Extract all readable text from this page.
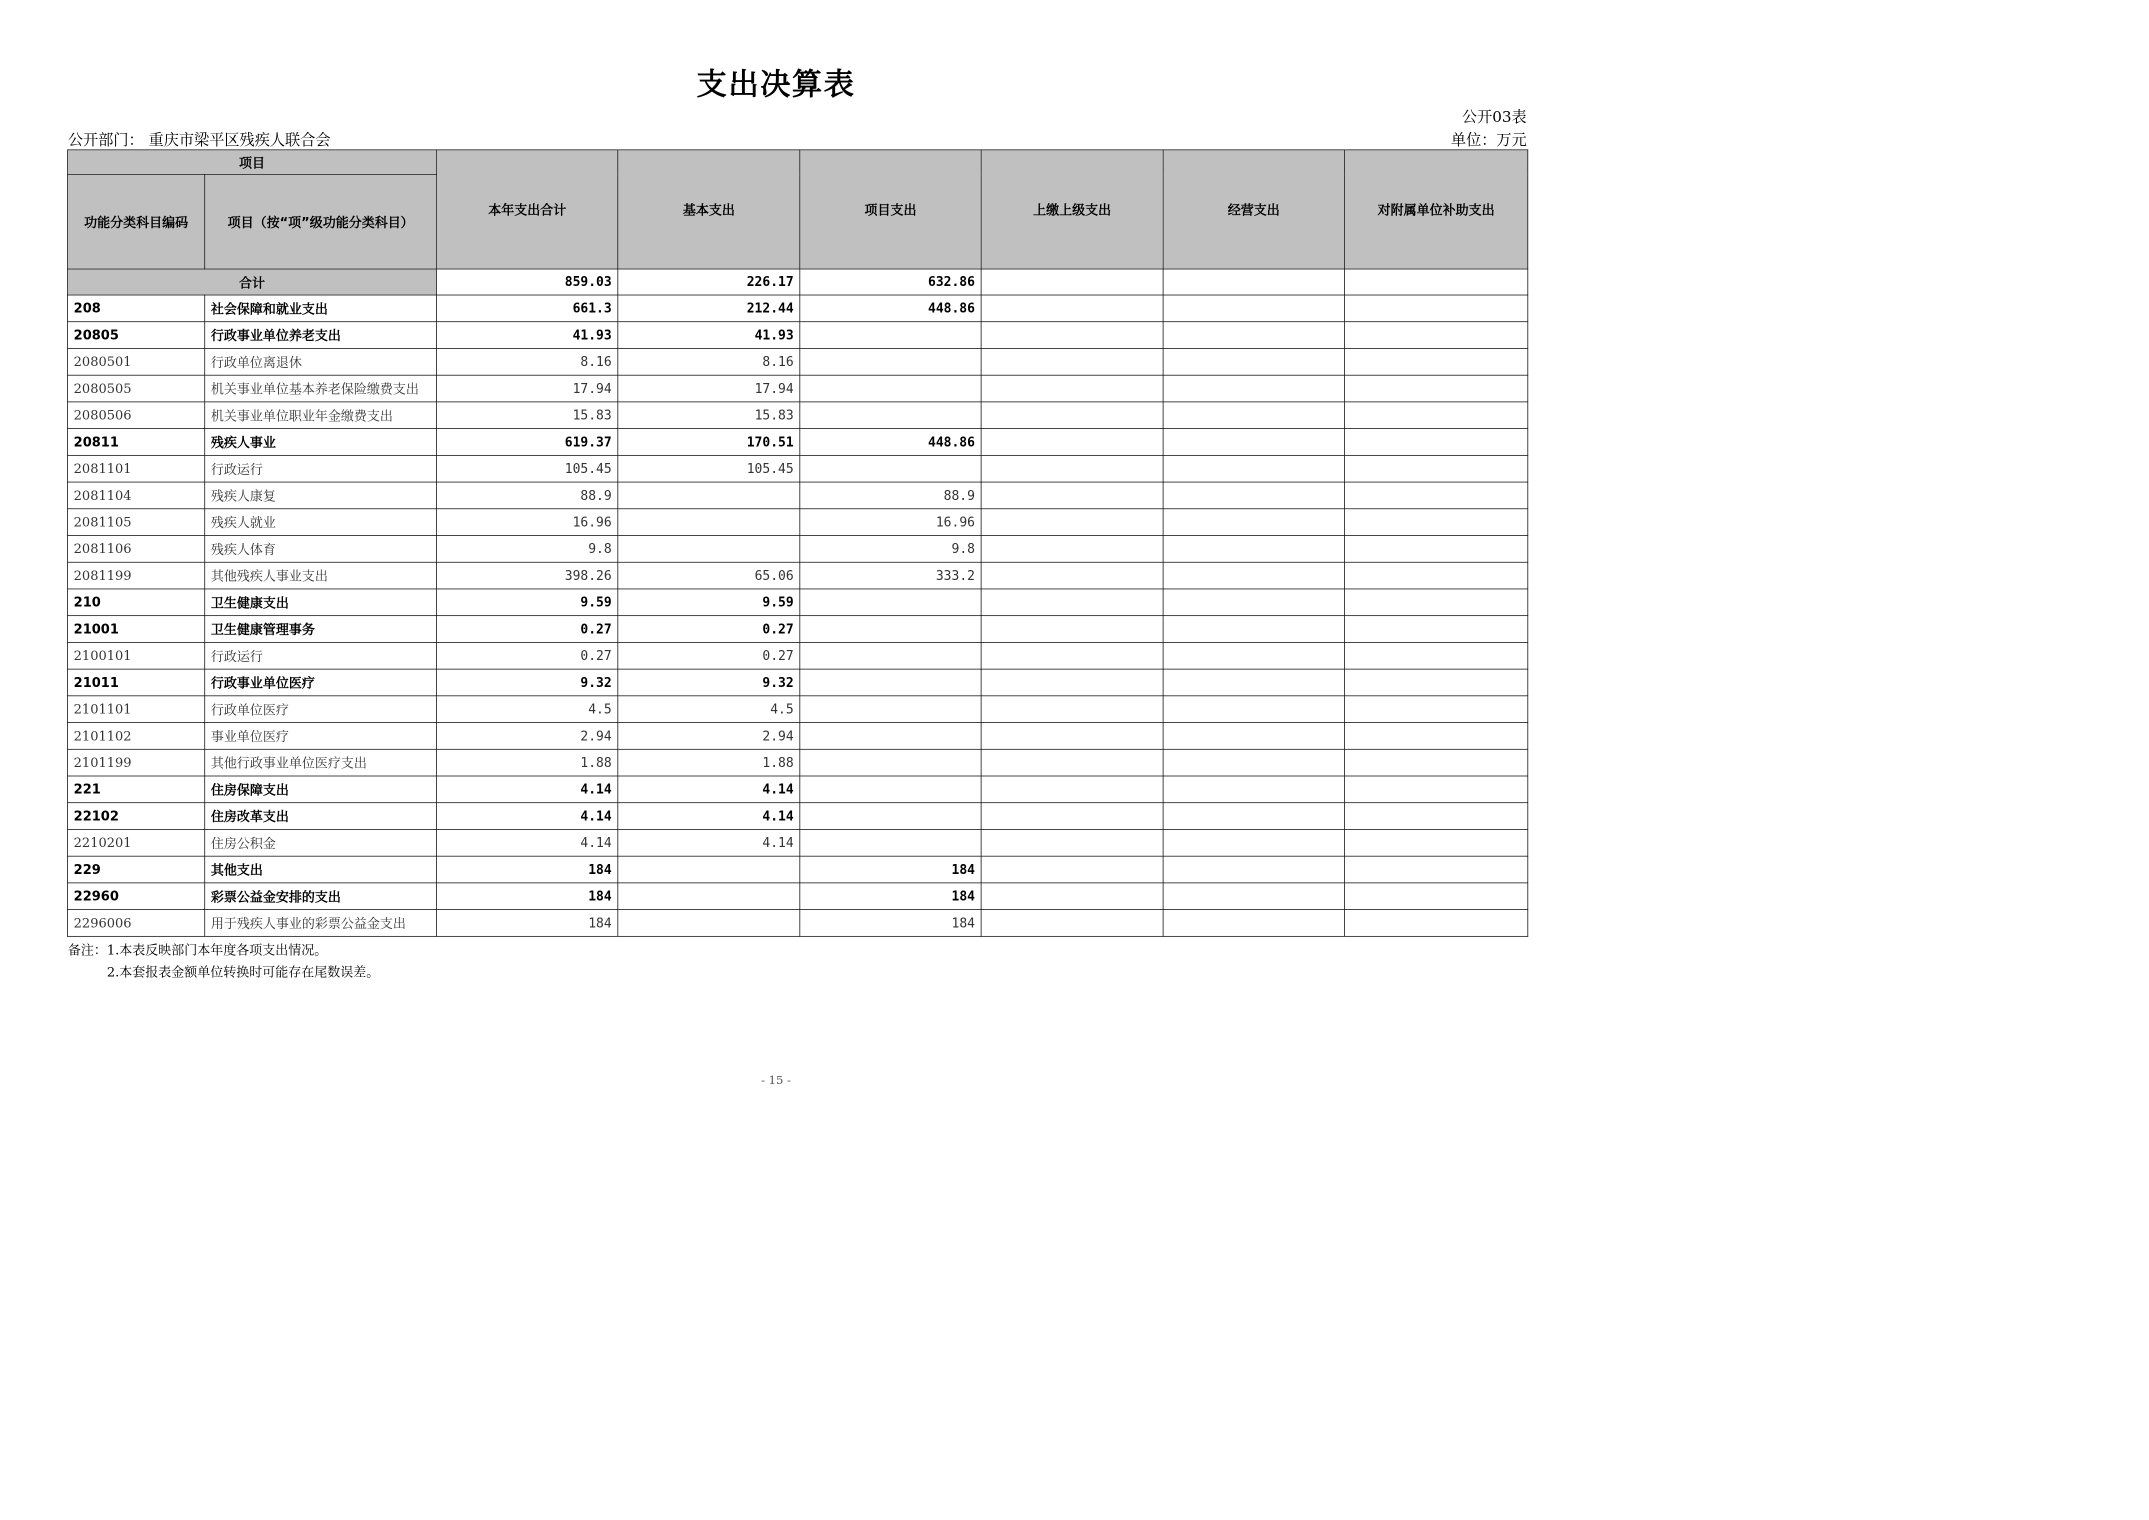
支出决算表
公开03表
公开部门： 重庆市梁平区残疾人联合会	单位：万元
项目		本年支出合计	基本支出	项目支出	上缴上级支出	经营支出	对附属单位补助支出
功能分类科目编码	项目（按“项”级功能分类科目）						
合计		859.03	226.17	632.86			
208	社会保障和就业支出	661.3	212.44	448.86			
20805	行政事业单位养老支出	41.93	41.93				
2080501	行政单位离退休	8.16	8.16				
2080505	机关事业单位基本养老保险缴费支出	17.94	17.94				
2080506	机关事业单位职业年金缴费支出	15.83	15.83				
20811	残疾人事业	619.37	170.51	448.86			
2081101	行政运行	105.45	105.45				
2081104	残疾人康复	88.9		88.9			
2081105	残疾人就业	16.96		16.96			
2081106	残疾人体育	9.8		9.8			
2081199	其他残疾人事业支出	398.26	65.06	333.2			
210	卫生健康支出	9.59	9.59				
21001	卫生健康管理事务	0.27	0.27				
2100101	行政运行	0.27	0.27				
21011	行政事业单位医疗	9.32	9.32				
2101101	行政单位医疗	4.5	4.5				
2101102	事业单位医疗	2.94	2.94				
2101199	其他行政事业单位医疗支出	1.88	1.88				
221	住房保障支出	4.14	4.14				
22102	住房改革支出	4.14	4.14				
2210201	住房公积金	4.14	4.14				
229	其他支出	184		184			
22960	彩票公益金安排的支出	184		184			
2296006	用于残疾人事业的彩票公益金支出	184		184			
备注：1.本表反映部门本年度各项支出情况。
2.本套报表金额单位转换时可能存在尾数误差。
- 15 -
